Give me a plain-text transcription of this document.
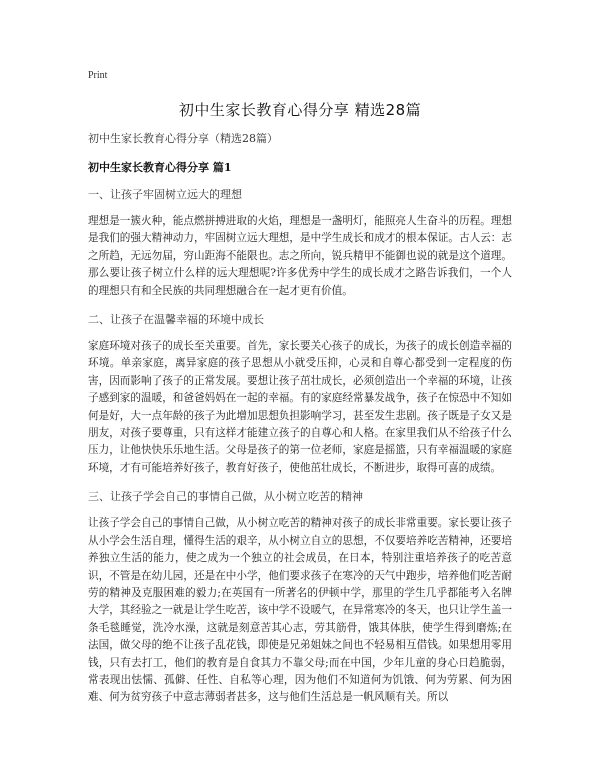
Print
初中生家长教育心得分享 精选28篇
初中生家长教育心得分享（精选28篇）
初中生家长教育心得分享 篇1
一、让孩子牢固树立远大的理想

理想是一簇火种，能点燃拼搏进取的火焰，理想是一盏明灯，能照亮人生奋斗的历程。理想是我们的强大精神动力，牢固树立远大理想，是中学生成长和成才的根本保证。古人云：志之所趋，无远勿届，穷山距海不能限也。志之所向，锐兵精甲不能御也说的就是这个道理。那么要让孩子树立什么样的远大理想呢?许多优秀中学生的成长成才之路告诉我们，一个人的理想只有和全民族的共同理想融合在一起才更有价值。

二、让孩子在温馨幸福的环境中成长

家庭环境对孩子的成长至关重要。首先，家长要关心孩子的成长，为孩子的成长创造幸福的环境。单亲家庭，离异家庭的孩子思想从小就受压抑，心灵和自尊心都受到一定程度的伤害，因而影响了孩子的正常发展。要想让孩子茁壮成长，必须创造出一个幸福的环境，让孩子感到家的温暖，和爸爸妈妈在一起的幸福。有的家庭经常暴发战争，孩子在惊恐中不知如何是好，大一点年龄的孩子为此增加思想负担影响学习，甚至发生悲剧。孩子既是子女又是朋友，对孩子要尊重，只有这样才能建立孩子的自尊心和人格。在家里我们从不给孩子什么压力，让他快快乐乐地生活。父母是孩子的第一位老师，家庭是摇篮，只有幸福温暖的家庭环境，才有可能培养好孩子，教育好孩子，使他茁壮成长，不断进步，取得可喜的成绩。

三、让孩子学会自己的事情自己做，从小树立吃苦的精神

让孩子学会自己的事情自己做，从小树立吃苦的精神对孩子的成长非常重要。家长要让孩子从小学会生活自理，懂得生活的艰辛，从小树立自立的思想，不仅要培养吃苦精神，还要培养独立生活的能力，使之成为一个独立的社会成员，在日本，特别注重培养孩子的吃苦意识，不管是在幼儿园，还是在中小学，他们要求孩子在寒冷的天气中跑步，培养他们吃苦耐劳的精神及克服困难的毅力;在英国有一所著名的伊顿中学，那里的学生几乎都能考入名牌大学，其经验之一就是让学生吃苦，该中学不设暖气，在异常寒冷的冬天，也只让学生盖一条毛毯睡觉，洗冷水澡，这就是刻意苦其心志，劳其筋骨，饿其体肤，使学生得到磨炼;在法国，做父母的绝不让孩子乱花钱，即使是兄弟姐妹之间也不轻易相互借钱。如果想用零用钱，只有去打工，他们的教育是自食其力不靠父母;而在中国，少年儿童的身心日趋脆弱，常表现出怯懦、孤僻、任性、自私等心理，因为他们不知道何为饥饿、何为劳累、何为困难、何为贫穷孩子中意志薄弱者甚多，这与他们生活总是一帆风顺有关。所以
